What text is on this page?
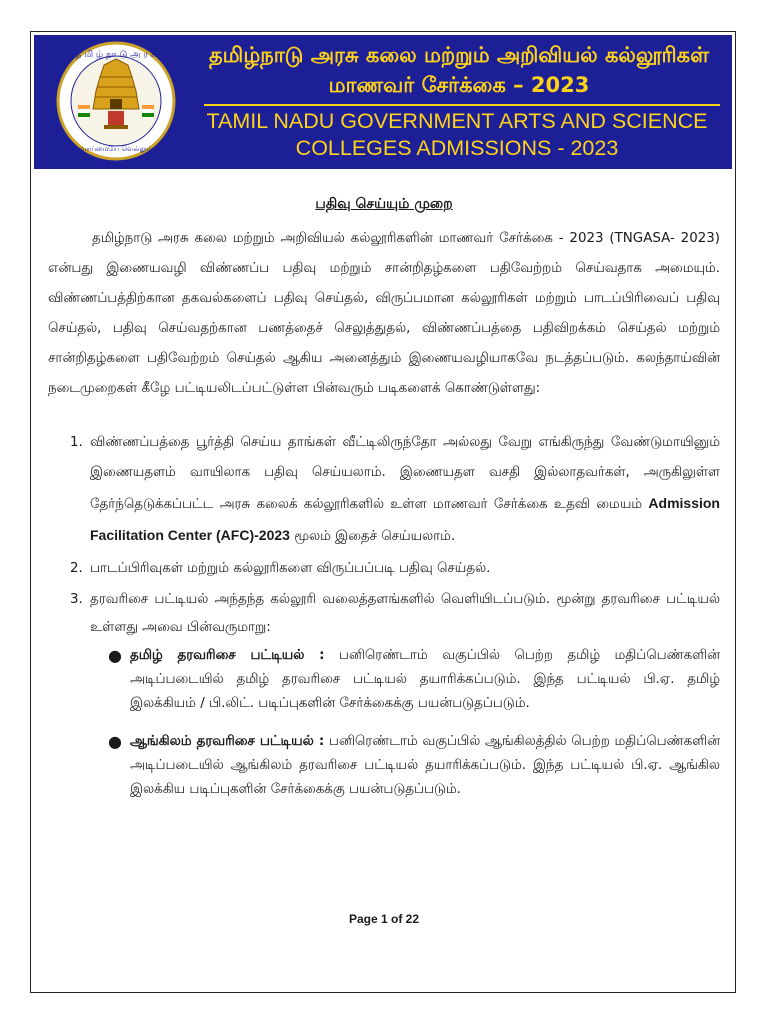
த மி ழ் நா டு அ ர சு
வாய்மையே வெல்லும்
தமிழ்நாடு அரசு கலை மற்றும் அறிவியல் கல்லூரிகள்
மாணவர் சேர்க்கை – 2023
TAMIL NADU GOVERNMENT ARTS AND SCIENCE
COLLEGES ADMISSIONS - 2023
பதிவு செய்யும் முறை

தமிழ்நாடு அரசு கலை மற்றும் அறிவியல் கல்லூரிகளின் மாணவர் சேர்க்கை - 2023 (TNGASA- 2023) என்பது இணையவழி விண்ணப்ப பதிவு மற்றும் சான்றிதழ்களை பதிவேற்றம் செய்வதாக அமையும். விண்ணப்பத்திற்கான தகவல்களைப் பதிவு செய்தல், விருப்பமான கல்லூரிகள் மற்றும் பாடப்பிரிவைப் பதிவு செய்தல், பதிவு செய்வதற்கான பணத்தைச் செலுத்துதல், விண்ணப்பத்தை பதிவிறக்கம் செய்தல் மற்றும் சான்றிதழ்களை பதிவேற்றம் செய்தல் ஆகிய அனைத்தும் இணையவழியாகவே நடத்தப்படும். கலந்தாய்வின் நடைமுறைகள் கீழே பட்டியலிடப்பட்டுள்ள பின்வரும் படிகளைக் கொண்டுள்ளது:

1. விண்ணப்பத்தை பூர்த்தி செய்ய தாங்கள் வீட்டிலிருந்தோ அல்லது வேறு எங்கிருந்து வேண்டுமாயினும் இணையதளம் வாயிலாக பதிவு செய்யலாம். இணையதள வசதி இல்லாதவர்கள், அருகிலுள்ள தேர்ந்தெடுக்கப்பட்ட அரசு கலைக் கல்லூரிகளில் உள்ள மாணவர் சேர்க்கை உதவி மையம் Admission Facilitation Center (AFC)-2023 மூலம் இதைச் செய்யலாம்.
2. பாடப்பிரிவுகள் மற்றும் கல்லூரிகளை விருப்பப்படி பதிவு செய்தல்.
3. தரவரிசை பட்டியல் அந்தந்த கல்லூரி வலைத்தளங்களில் வெளியிடப்படும். மூன்று தரவரிசை பட்டியல் உள்ளது அவை பின்வருமாறு:
● தமிழ் தரவரிசை பட்டியல் : பனிரெண்டாம் வகுப்பில் பெற்ற தமிழ் மதிப்பெண்களின் அடிப்படையில் தமிழ் தரவரிசை பட்டியல் தயாரிக்கப்படும். இந்த பட்டியல் பி.ஏ. தமிழ் இலக்கியம் / பி.லிட். படிப்புகளின் சேர்க்கைக்கு பயன்படுதப்படும்.
● ஆங்கிலம் தரவரிசை பட்டியல் : பனிரெண்டாம் வகுப்பில் ஆங்கிலத்தில் பெற்ற மதிப்பெண்களின் அடிப்படையில் ஆங்கிலம் தரவரிசை பட்டியல் தயாரிக்கப்படும். இந்த பட்டியல் பி.ஏ. ஆங்கில இலக்கிய படிப்புகளின் சேர்க்கைக்கு பயன்படுதப்படும்.
Page 1 of 22
